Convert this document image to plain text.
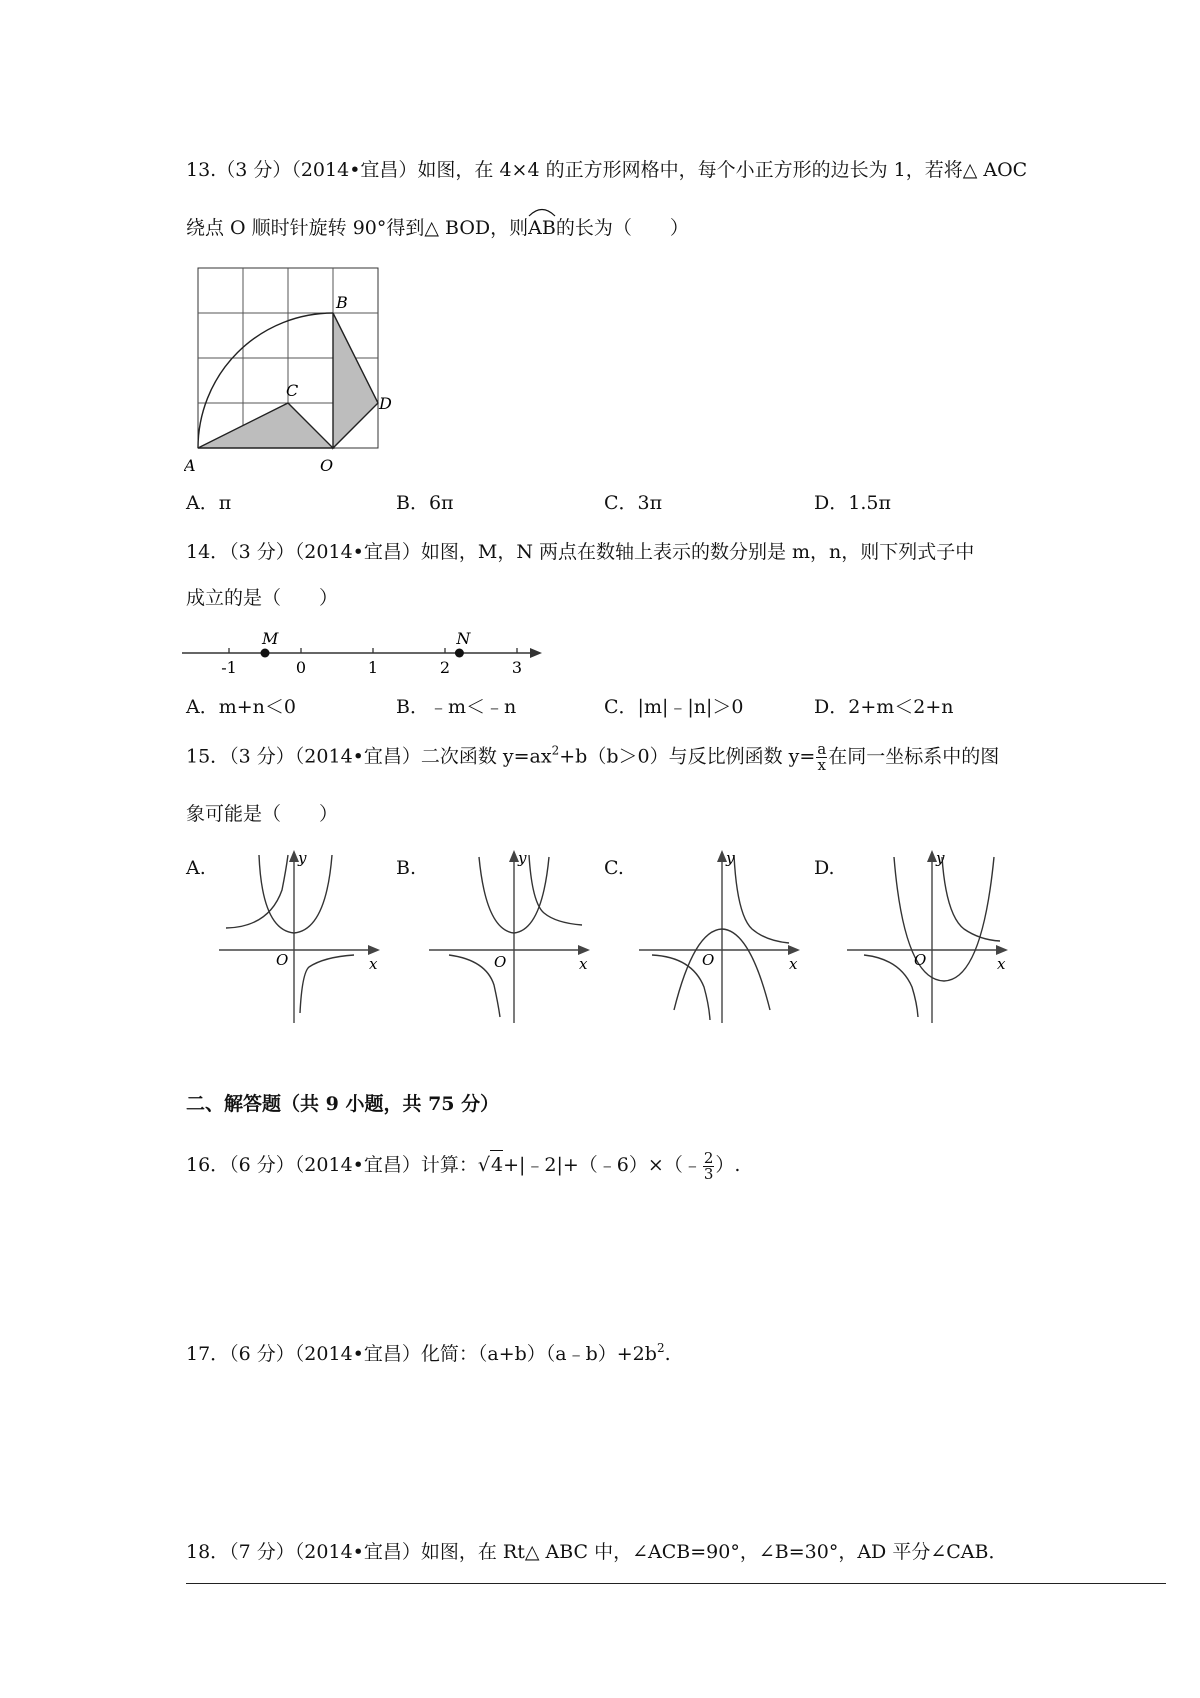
13.（3 分）（2014•宜昌）如图，在 4×4 的正方形网格中，每个小正方形的边长为 1，若将△ AOC
绕点 O 顺时针旋转 90°得到△ BOD，则
AB的长为（　　）
A	O
C
B
D
A．π	B．6π	C．3π	D．1.5π
14．（3 分）（2014•宜昌）如图，M，N 两点在数轴上表示的数分别是 m，n，则下列式子中
成立的是（　　）
-1	0	1	2	3
M	N
A．m+n＜0	B．﹣m＜﹣n	C．|m|﹣|n|＞0	D．2+m＜2+n
15．（3 分）（2014•宜昌）二次函数 $y=ax^2+b(b>0)$与反比例函数 $y= \frac{a}{x}$ 在同一坐标系中的图
象可能是（　　）
A.	B.	C.	D.
y
x
O
y
x
O
y
x
O
y
x
O
二、解答题（共 9 小题，共 75 分）
16．（6 分）（2014•宜昌）计算：√4+|﹣2|+（﹣6）×（﹣ $\frac{2}{3}$ ）.
17．（6 分）（2014•宜昌）化简：$(a+b)(a﹣b)+2b^2$.
18．（7 分）（2014•宜昌）如图，在 Rt△ ABC 中，∠ACB=90°，∠B=30°，AD 平分∠CAB．
